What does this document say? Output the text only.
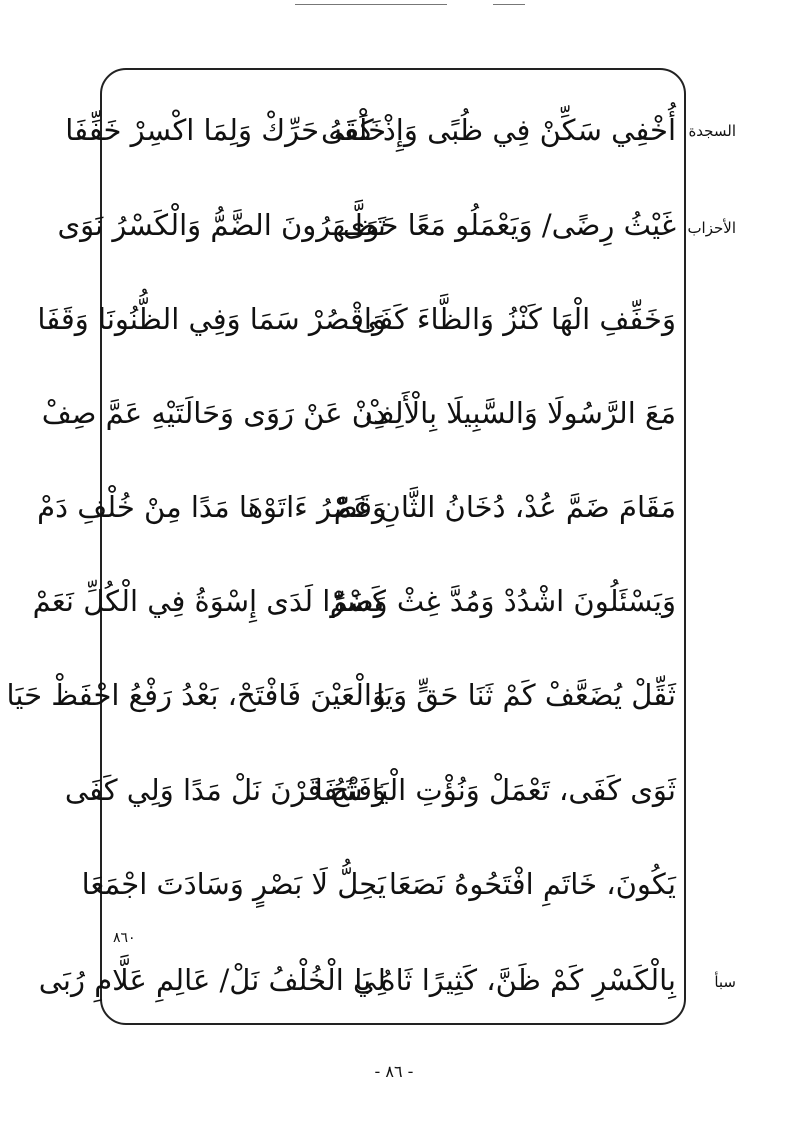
السجدة
الأحزاب
سبأ
أُخْفِي سَكِّنْ فِي ظُبًى وَإِذْ كَفَى
خَلْقَهُ حَرِّكْ وَلِمَا اكْسِرْ خَفِّفَا
غَيْثُ رِضًى/ وَيَعْمَلُو مَعًا حَوَى
تَظَّـهَرُونَ الضَّمُّ وَالْكَسْرُ نَوَى
وَخَفِّفِ الْهَا كَنْزُ وَالظَّاءَ كَفَى
وَاقْصُرْ سَمَا وَفِي الظُّنُونَا وَقَفَا
مَعَ الرَّسُولَا وَالسَّبِيلَا بِالْأَلِفْ
دِنْ عَنْ رَوَى وَحَالَتَيْهِ عَمَّ صِفْ
مَقَامَ ضَمَّ عُدْ، دُخَانُ الثَّانِ عَمّْ
وَقَصْرُ ءَاتَوْهَا مَدًا مِنْ خُلْفِ دَمْ
وَيَسْئَلُونَ اشْدُدْ وَمُدَّ غِثْ وَضَمّْ
كَسْرًا لَدَى إِسْوَةُ فِي الْكُلِّ نَعَمْ
ثَقِّلْ يُضَعَّفْ كَمْ ثَنَا حَقٍّ وَيَا
وَالْعَيْنَ فَافْتَحْ، بَعْدُ رَفْعُ احْفَظْ حَيَا
ثَوَى كَفَى، تَعْمَلْ وَنُؤْتِ الْيَا شَفَا
وَفَتْحُ قَرْنَ نَلْ مَدًا وَلِي كَفَى
يَكُونَ، خَاتَمِ افْتَحُوهُ نَصَعَا
يَحِلُّ لَا بَصْرٍ وَسَادَتَ اجْمَعَا
بِالْكَسْرِ كَمْ ظَنَّ، كَثِيرًا ثَاهُ بَا
لِي الْخُلْفُ نَلْ/ عَالِمِ عَلَّامِ رُبَى
٨٦٠
- ٨٦ -
